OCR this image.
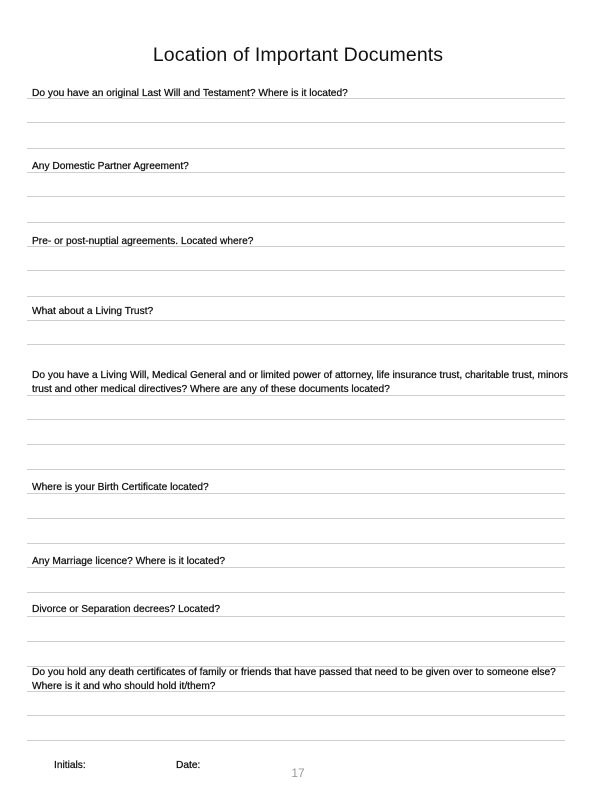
Location of Important Documents
Do you have an original Last Will and Testament? Where is it located?
Any Domestic Partner Agreement?
Pre- or post-nuptial agreements. Located where?
What about a Living Trust?
Do you have a Living Will, Medical General and or limited power of attorney, life insurance trust, charitable trust, minors trust and other medical directives? Where are any of these documents located?
Where is your Birth Certificate located?
Any Marriage licence? Where is it located?
Divorce or Separation decrees? Located?
Do you hold any death certificates of family or friends that have passed that need to be given over to someone else? Where is it and who should hold it/them?
Initials:	Date:
17
